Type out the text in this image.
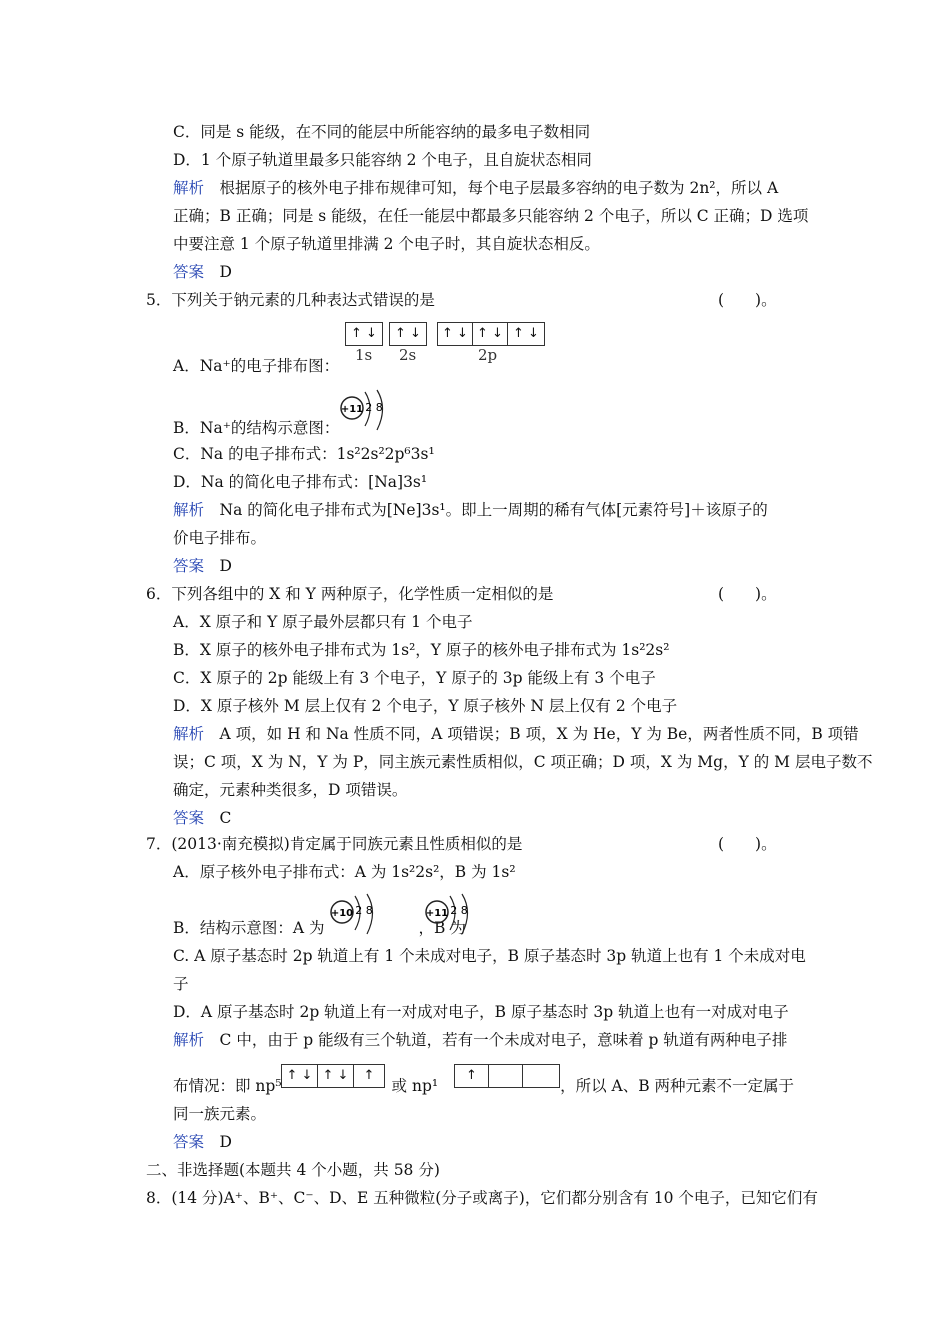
C．同是 s 能级，在不同的能层中所能容纳的最多电子数相同
D．1 个原子轨道里最多只能容纳 2 个电子，且自旋状态相同
解析　 根据原子的核外电子排布规律可知，每个电子层最多容纳的电子数为 2n²，所以 A
正确；B 正确；同是 s 能级，在任一能层中都最多只能容纳 2 个电子，所以 C 正确；D 选项
中要注意 1 个原子轨道里排满 2 个电子时，其自旋状态相反。
答案　 D
5．下列关于钠元素的几种表达式错误的是	(　　)。
↑ ↓	↑ ↓	↑ ↓ ↑ ↓ ↑ ↓
1s 2s	2p
A．Na⁺的电子排布图：
B．Na⁺的结构示意图：
+11 2 8
C．Na 的电子排布式：1s²2s²2p⁶3s¹
D．Na 的简化电子排布式：[Na]3s¹
解析　 Na 的简化电子排布式为[Ne]3s¹。即上一周期的稀有气体[元素符号]＋该原子的
价电子排布。
答案　 D
6．下列各组中的 X 和 Y 两种原子，化学性质一定相似的是	(　　)。
A．X 原子和 Y 原子最外层都只有 1 个电子
B．X 原子的核外电子排布式为 1s²，Y 原子的核外电子排布式为 1s²2s²
C．X 原子的 2p 能级上有 3 个电子，Y 原子的 3p 能级上有 3 个电子
D．X 原子核外 M 层上仅有 2 个电子，Y 原子核外 N 层上仅有 2 个电子
解析　 A 项，如 H 和 Na 性质不同，A 项错误；B 项，X 为 He，Y 为 Be，两者性质不同，B 项错
误；C 项，X 为 N，Y 为 P，同主族元素性质相似，C 项正确；D 项，X 为 Mg，Y 的 M 层电子数不
确定，元素种类很多，D 项错误。
答案　 C
7．(2013·南充模拟)肯定属于同族元素且性质相似的是	(　　)。
A．原子核外电子排布式：A 为 1s²2s²，B 为 1s²
B．结构示意图：A 为	，B 为
+10 2 8	+11 2 8
C. A 原子基态时 2p 轨道上有 1 个未成对电子，B 原子基态时 3p 轨道上也有 1 个未成对电
子
D．A 原子基态时 2p 轨道上有一对成对电子，B 原子基态时 3p 轨道上也有一对成对电子
解析　 C 中，由于 p 能级有三个轨道，若有一个未成对电子，意味着 p 轨道有两种电子排
布情况：即 np⁵	或 np¹	，所以 A、B 两种元素不一定属于
↑ ↓ ↑ ↓	↑	↑
同一族元素。
答案　 D
二、非选择题(本题共 4 个小题，共 58 分)
8．(14 分)A⁺、B⁺、C⁻、D、E 五种微粒(分子或离子)，它们都分别含有 10 个电子，已知它们有
